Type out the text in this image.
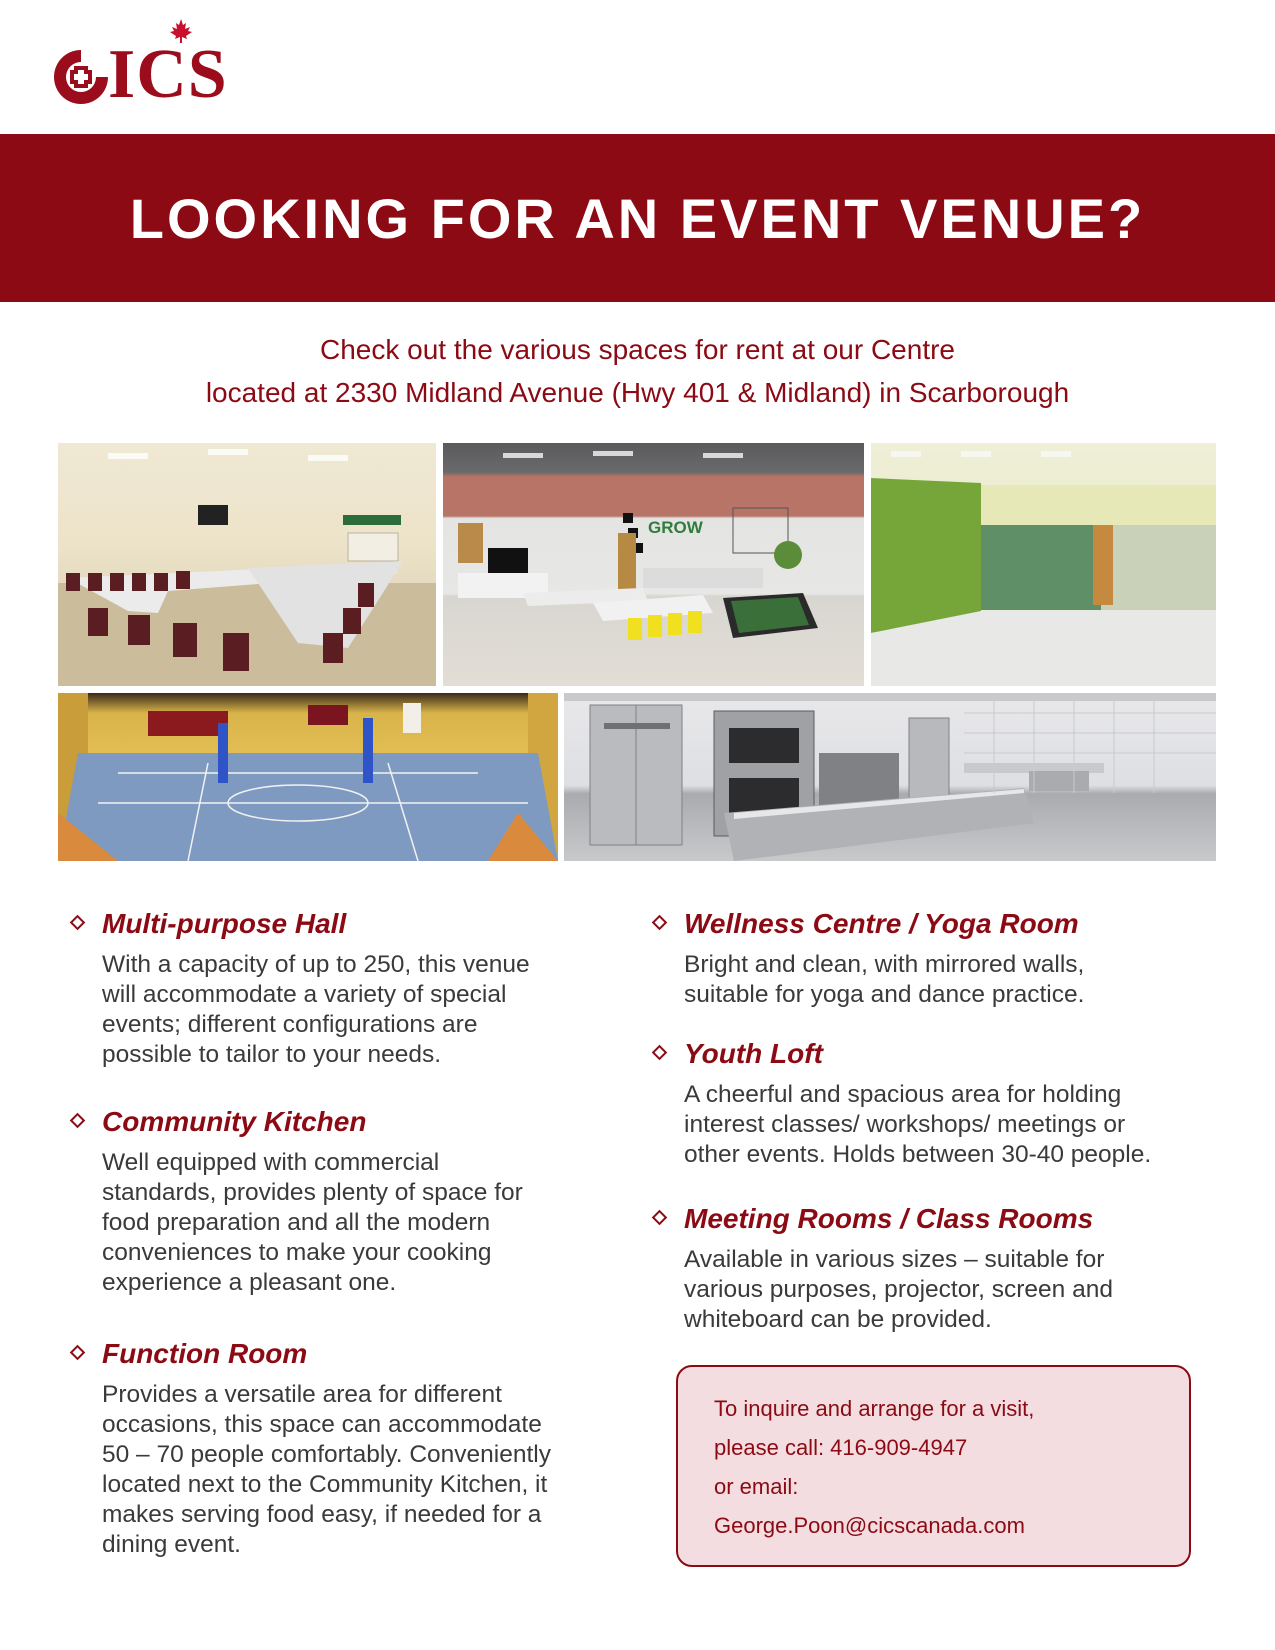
ICS
LOOKING FOR AN EVENT VENUE?
Check out the various spaces for rent at our Centre
located at 2330 Midland Avenue (Hwy 401 & Midland) in Scarborough
GROW
Multi-purpose Hall
With a capacity of up to 250, this venue
will accommodate a variety of special
events; different configurations are
possible to tailor to your needs.
Community Kitchen
Well equipped with commercial
standards, provides plenty of space for
food preparation and all the modern
conveniences to make your cooking
experience a pleasant one.
Function Room
Provides a versatile area for different
occasions, this space can accommodate
50 – 70 people comfortably. Conveniently
located next to the Community Kitchen, it
makes serving food easy, if needed for a
dining event.
Wellness Centre / Yoga Room
Bright and clean, with mirrored walls,
suitable for yoga and dance practice.
Youth Loft
A cheerful and spacious area for holding
interest classes/ workshops/ meetings or
other events. Holds between 30-40 people.
Meeting Rooms / Class Rooms
Available in various sizes – suitable for
various purposes, projector, screen and
whiteboard can be provided.
To inquire and arrange for a visit,
please call: 416-909-4947
or email:
George.Poon@cicscanada.com
